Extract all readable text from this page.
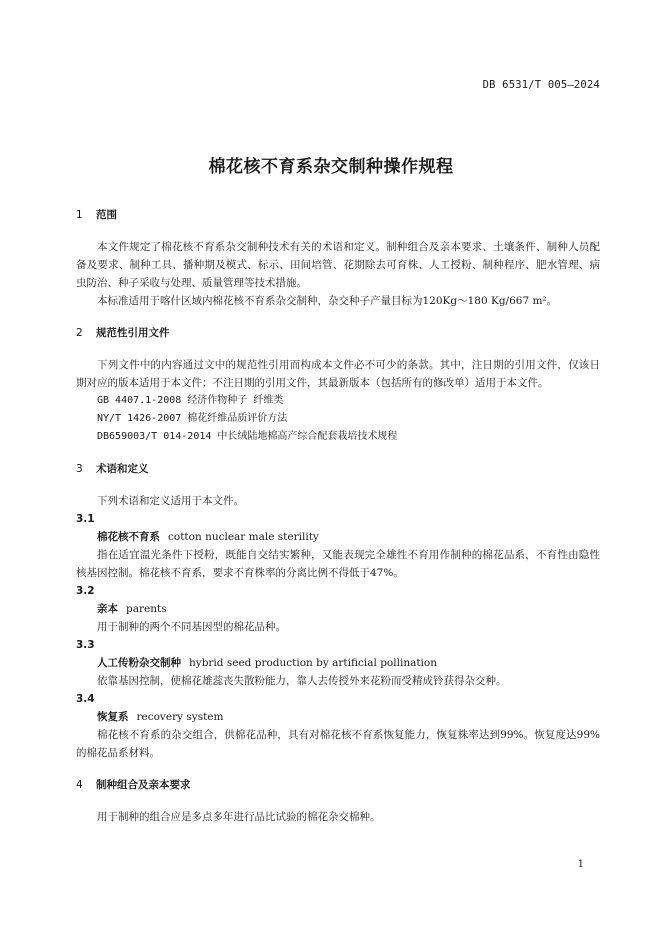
DB 6531/T 005—2024
棉花核不育系杂交制种操作规程
1	范围

本文件规定了棉花核不育系杂交制种技术有关的术语和定义。制种组合及亲本要求、土壤条件、制种人员配备及要求、制种工具、播种期及模式、标示、田间培管、花期除去可育株、人工授粉、制种程序、肥水管理、病虫防治、种子采收与处理、质量管理等技术措施。

本标准适用于喀什区域内棉花核不育系杂交制种，杂交种子产量目标为120Kg～180 Kg/667 m²。

2	规范性引用文件

下列文件中的内容通过文中的规范性引用而构成本文件必不可少的条款。其中，注日期的引用文件，仅该日期对应的版本适用于本文件；不注日期的引用文件，其最新版本（包括所有的修改单）适用于本文件。

GB 4407.1-2008 经济作物种子 纤维类
NY/T 1426-2007 棉花纤维品质评价方法
DB659003/T 014-2014 中长绒陆地棉高产综合配套栽培技术规程
3	术语和定义

下列术语和定义适用于本文件。

3.1
棉花核不育系 cotton nuclear male sterility

指在适宜温光条件下授粉，既能自交结实繁种，又能表现完全雄性不育用作制种的棉花品系，不育性由隐性核基因控制。棉花核不育系，要求不育株率的分离比例不得低于47%。

3.2
亲本 parents

用于制种的两个不同基因型的棉花品种。

3.3
人工传粉杂交制种 hybrid seed production by artificial pollination

依靠基因控制，使棉花雄蕊丧失散粉能力，靠人去传授外来花粉而受精成铃获得杂交种。

3.4
恢复系 recovery system

棉花核不育系的杂交组合，供棉花品种，具有对棉花核不育系恢复能力，恢复株率达到99%。恢复度达99%的棉花品系材料。

4	制种组合及亲本要求

用于制种的组合应是多点多年进行品比试验的棉花杂交棉种。

1
